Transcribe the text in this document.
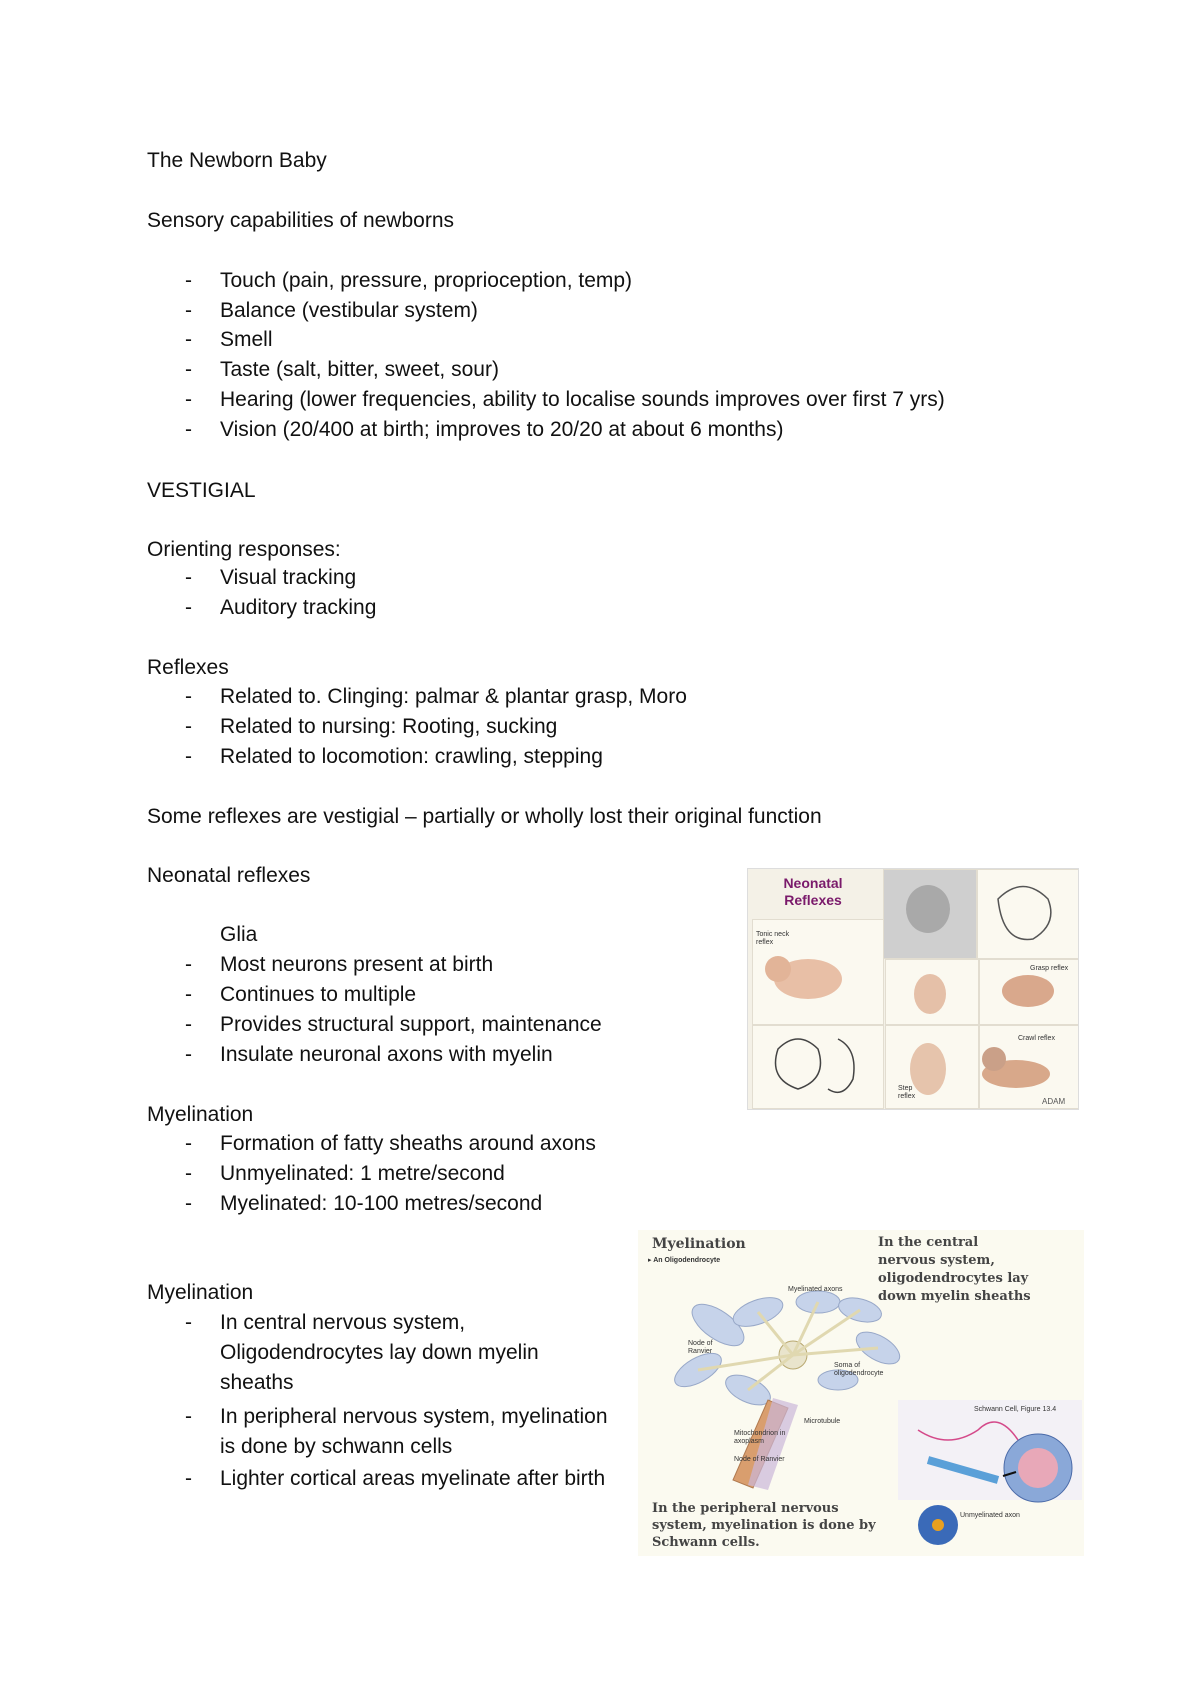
The Newborn Baby
Sensory capabilities of newborns
- Touch (pain, pressure, proprioception, temp)
- Balance (vestibular system)
- Smell
- Taste (salt, bitter, sweet, sour)
- Hearing (lower frequencies, ability to localise sounds improves over first 7 yrs)
- Vision (20/400 at birth; improves to 20/20 at about 6 months)
VESTIGIAL
Orienting responses:
- Visual tracking
- Auditory tracking
Reflexes
- Related to. Clinging: palmar & plantar grasp, Moro
- Related to nursing: Rooting, sucking
- Related to locomotion: crawling, stepping
Some reflexes are vestigial – partially or wholly lost their original function
Neonatal reflexes
Glia
- Most neurons present at birth
- Continues to multiple
- Provides structural support, maintenance
- Insulate neuronal axons with myelin
Myelination
- Formation of fatty sheaths around axons
- Unmyelinated: 1 metre/second
- Myelinated: 10-100 metres/second
Myelination
- In central nervous system, Oligodendrocytes lay down myelin sheaths
- In peripheral nervous system, myelination is done by schwann cells
- Lighter cortical areas myelinate after birth
Neonatal
Reflexes
Tonic neck reflex
Grasp reflex
Crawl reflex
Step reflex
ADAM
Myelination
▸ An Oligodendrocyte
In the central nervous system, oligodendrocytes lay down myelin sheaths
Myelinated axons
Node of Ranvier
Soma of oligodendrocyte
Microtubule
Mitochondrion in axoplasm
Node of Ranvier
Schwann Cell, Figure 13.4
Unmyelinated axon
In the peripheral nervous system, myelination is done by Schwann cells.
